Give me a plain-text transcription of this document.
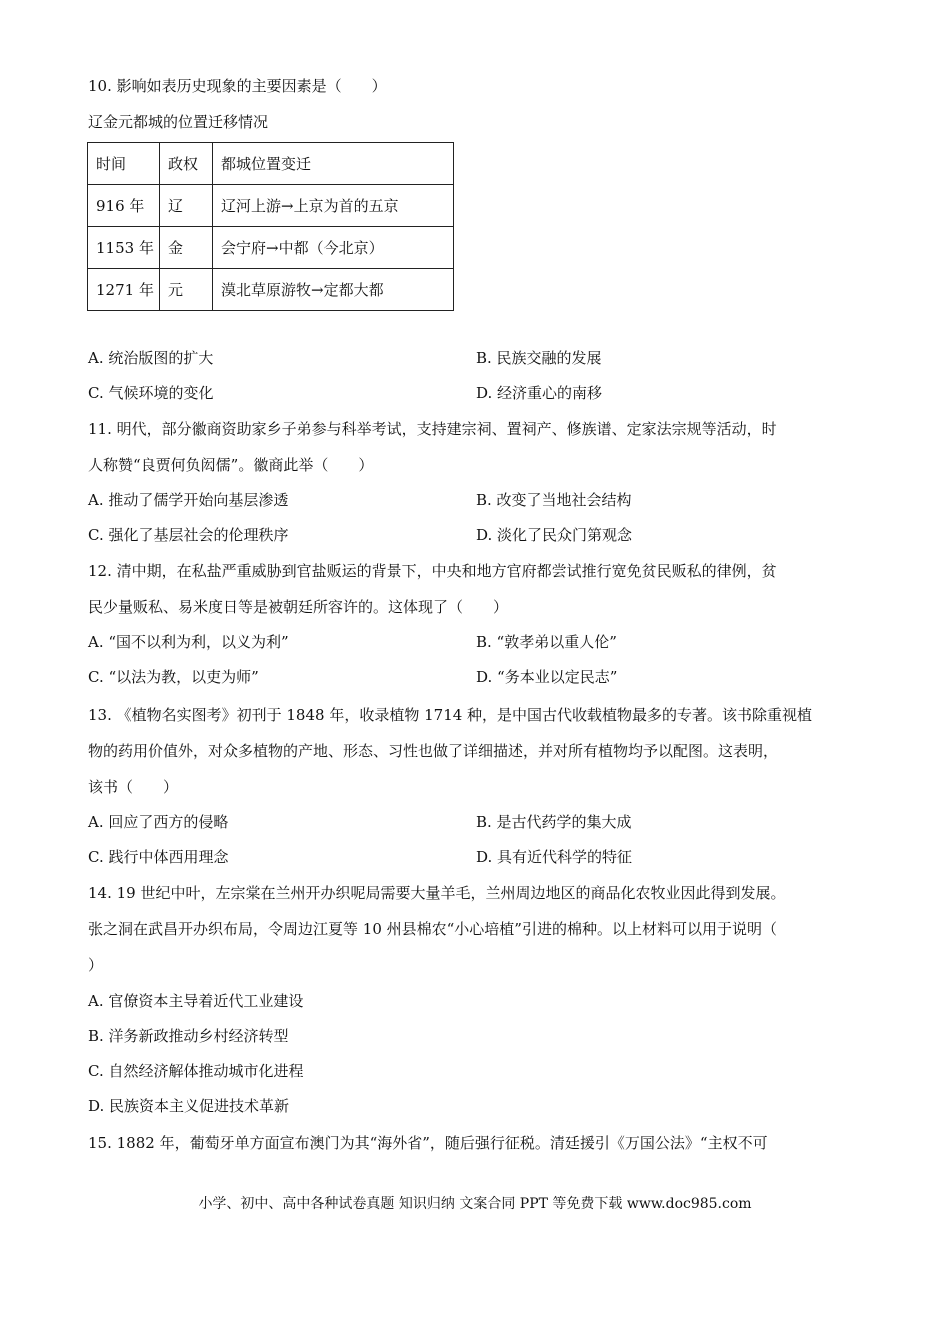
10. 影响如表历史现象的主要因素是（　　）
辽金元都城的位置迁移情况
时间	政权	都城位置变迁
916 年	辽	辽河上游→上京为首的五京
1153 年	金	会宁府→中都（今北京）
1271 年	元	漠北草原游牧→定都大都
A. 统治版图的扩大	B. 民族交融的发展
C. 气候环境的变化	D. 经济重心的南移
11. 明代，部分徽商资助家乡子弟参与科举考试，支持建宗祠、置祠产、修族谱、定家法宗规等活动，时
人称赞“良贾何负闳儒”。徽商此举（　　）
A. 推动了儒学开始向基层渗透	B. 改变了当地社会结构
C. 强化了基层社会的伦理秩序	D. 淡化了民众门第观念
12. 清中期，在私盐严重威胁到官盐贩运的背景下，中央和地方官府都尝试推行宽免贫民贩私的律例，贫
民少量贩私、易米度日等是被朝廷所容许的。这体现了（　　）
A. “国不以利为利，以义为利”	B. “敦孝弟以重人伦”
C. “以法为教，以吏为师”	D. “务本业以定民志”
13. 《植物名实图考》初刊于 1848 年，收录植物 1714 种，是中国古代收载植物最多的专著。该书除重视植
物的药用价值外，对众多植物的产地、形态、习性也做了详细描述，并对所有植物均予以配图。这表明，
该书（　　）
A. 回应了西方的侵略	B. 是古代药学的集大成
C. 践行中体西用理念	D. 具有近代科学的特征
14. 19 世纪中叶，左宗棠在兰州开办织呢局需要大量羊毛，兰州周边地区的商品化农牧业因此得到发展。
张之洞在武昌开办织布局，令周边江夏等 10 州县棉农“小心培植”引进的棉种。以上材料可以用于说明（
）
A. 官僚资本主导着近代工业建设
B. 洋务新政推动乡村经济转型
C. 自然经济解体推动城市化进程
D. 民族资本主义促进技术革新
15. 1882 年，葡萄牙单方面宣布澳门为其“海外省”，随后强行征税。清廷援引《万国公法》“主权不可
小学、初中、高中各种试卷真题 知识归纳 文案合同 PPT 等免费下载 www.doc985.com
